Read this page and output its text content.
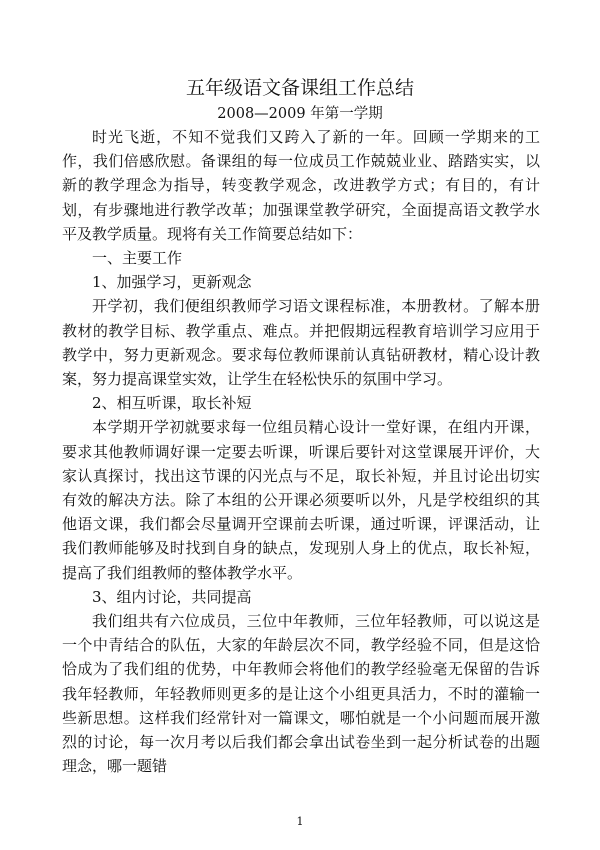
五年级语文备课组工作总结
2008—2009 年第一学期

时光飞逝，不知不觉我们又跨入了新的一年。回顾一学期来的工作，我们倍感欣慰。备课组的每一位成员工作兢兢业业、踏踏实实，以新的教学理念为指导，转变教学观念，改进教学方式；有目的，有计划，有步骤地进行教学改革；加强课堂教学研究，全面提高语文教学水平及教学质量。现将有关工作简要总结如下：

一、主要工作

1、加强学习，更新观念

开学初，我们便组织教师学习语文课程标准，本册教材。了解本册教材的教学目标、教学重点、难点。并把假期远程教育培训学习应用于教学中，努力更新观念。要求每位教师课前认真钻研教材，精心设计教案，努力提高课堂实效，让学生在轻松快乐的氛围中学习。

2、相互听课，取长补短

本学期开学初就要求每一位组员精心设计一堂好课，在组内开课，要求其他教师调好课一定要去听课，听课后要针对这堂课展开评价，大家认真探讨，找出这节课的闪光点与不足，取长补短，并且讨论出切实有效的解决方法。除了本组的公开课必须要听以外，凡是学校组织的其他语文课，我们都会尽量调开空课前去听课，通过听课，评课活动，让我们教师能够及时找到自身的缺点，发现别人身上的优点，取长补短，提高了我们组教师的整体教学水平。

3、组内讨论，共同提高

我们组共有六位成员，三位中年教师，三位年轻教师，可以说这是一个中青结合的队伍，大家的年龄层次不同，教学经验不同，但是这恰恰成为了我们组的优势，中年教师会将他们的教学经验毫无保留的告诉我年轻教师，年轻教师则更多的是让这个小组更具活力，不时的灌输一些新思想。这样我们经常针对一篇课文，哪怕就是一个小问题而展开激烈的讨论，每一次月考以后我们都会拿出试卷坐到一起分析试卷的出题理念，哪一题错

1
